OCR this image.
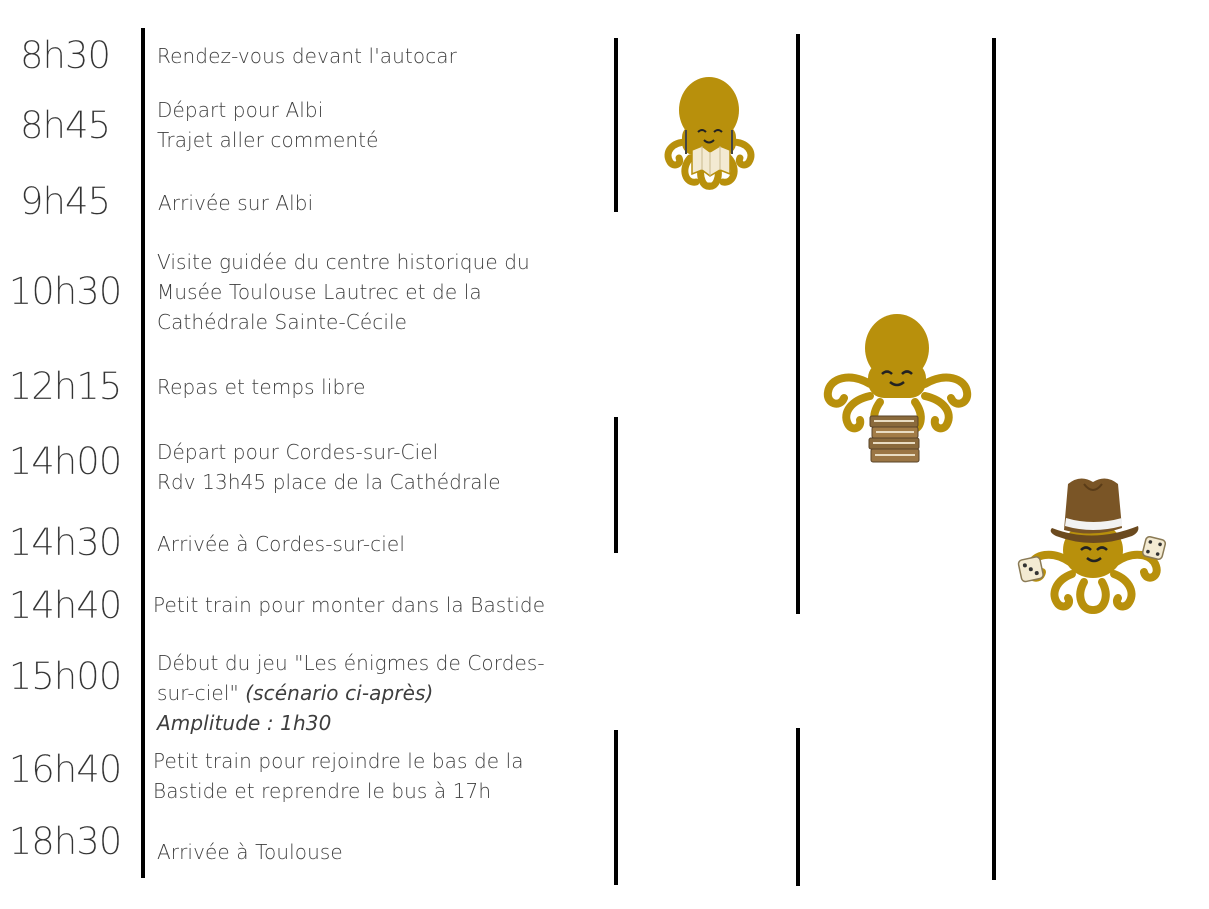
8h30
8h45
9h45
10h30
12h15
14h00
14h30
14h40
15h00
16h40
18h30
Rendez-vous devant l'autocar
Départ pour Albi
Trajet aller commenté
Arrivée sur Albi
Visite guidée du centre historique du
Musée Toulouse Lautrec et de la
Cathédrale Sainte-Cécile
Repas et temps libre
Départ pour Cordes-sur-Ciel
Rdv 13h45 place de la Cathédrale
Arrivée à Cordes-sur-ciel
Petit train pour monter dans la Bastide
Début du jeu "Les énigmes de Cordes-
sur-ciel" (scénario ci-après)
Amplitude : 1h30
Petit train pour rejoindre le bas de la
Bastide et reprendre le bus à 17h
Arrivée à Toulouse
